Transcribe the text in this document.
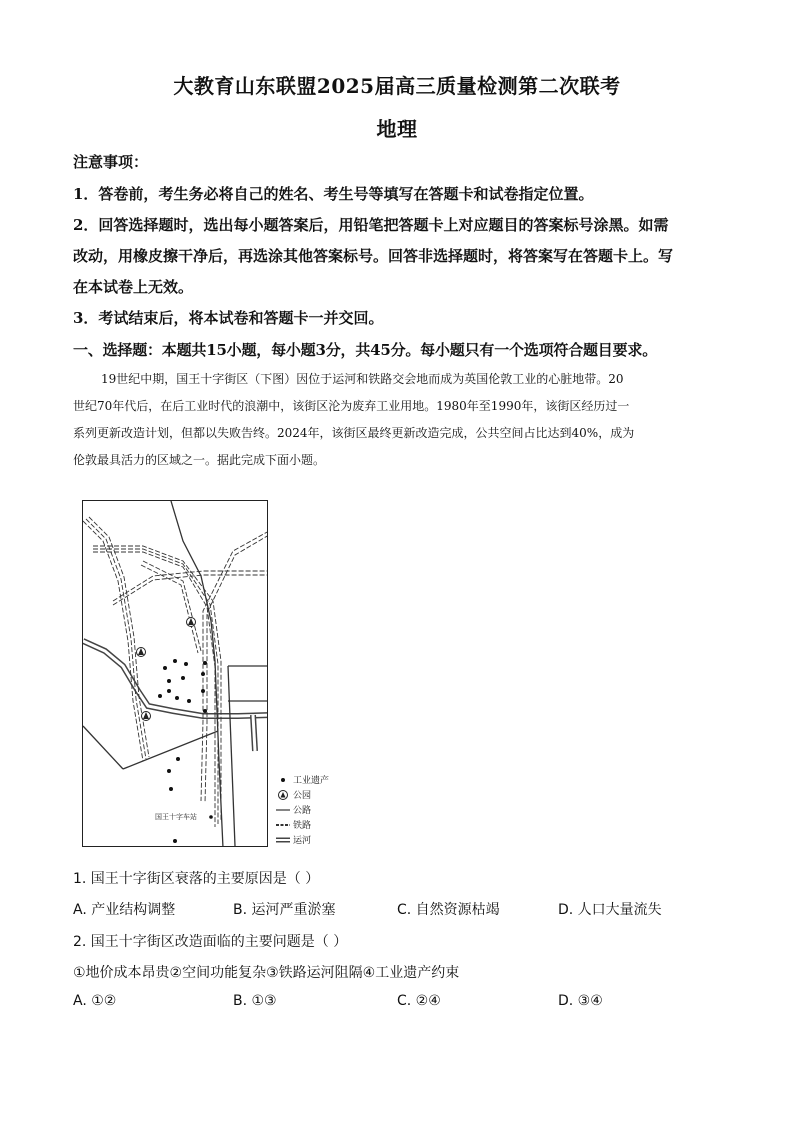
大教育山东联盟2025届高三质量检测第二次联考
地理
注意事项：
1．答卷前，考生务必将自己的姓名、考生号等填写在答题卡和试卷指定位置。
2．回答选择题时，选出每小题答案后，用铅笔把答题卡上对应题目的答案标号涂黑。如需
改动，用橡皮擦干净后，再选涂其他答案标号。回答非选择题时，将答案写在答题卡上。写
在本试卷上无效。
3．考试结束后，将本试卷和答题卡一并交回。
一、选择题：本题共15小题，每小题3分，共45分。每小题只有一个选项符合题目要求。

19世纪中期，国王十字街区（下图）因位于运河和铁路交会地而成为英国伦敦工业的心脏地带。20

世纪70年代后，在后工业时代的浪潮中，该街区沦为废弃工业用地。1980年至1990年，该街区经历过一

系列更新改造计划，但都以失败告终。2024年，该街区最终更新改造完成，公共空间占比达到40%，成为

伦敦最具活力的区域之一。据此完成下面小题。

国王十字车站
工业遗产
公园
公路
铁路
运河
1. 国王十字街区衰落的主要原因是（ ）
A. 产业结构调整	B. 运河严重淤塞	C. 自然资源枯竭	D. 人口大量流失
2. 国王十字街区改造面临的主要问题是（ ）
①地价成本昂贵②空间功能复杂③铁路运河阻隔④工业遗产约束
A. ①②	B. ①③	C. ②④	D. ③④
